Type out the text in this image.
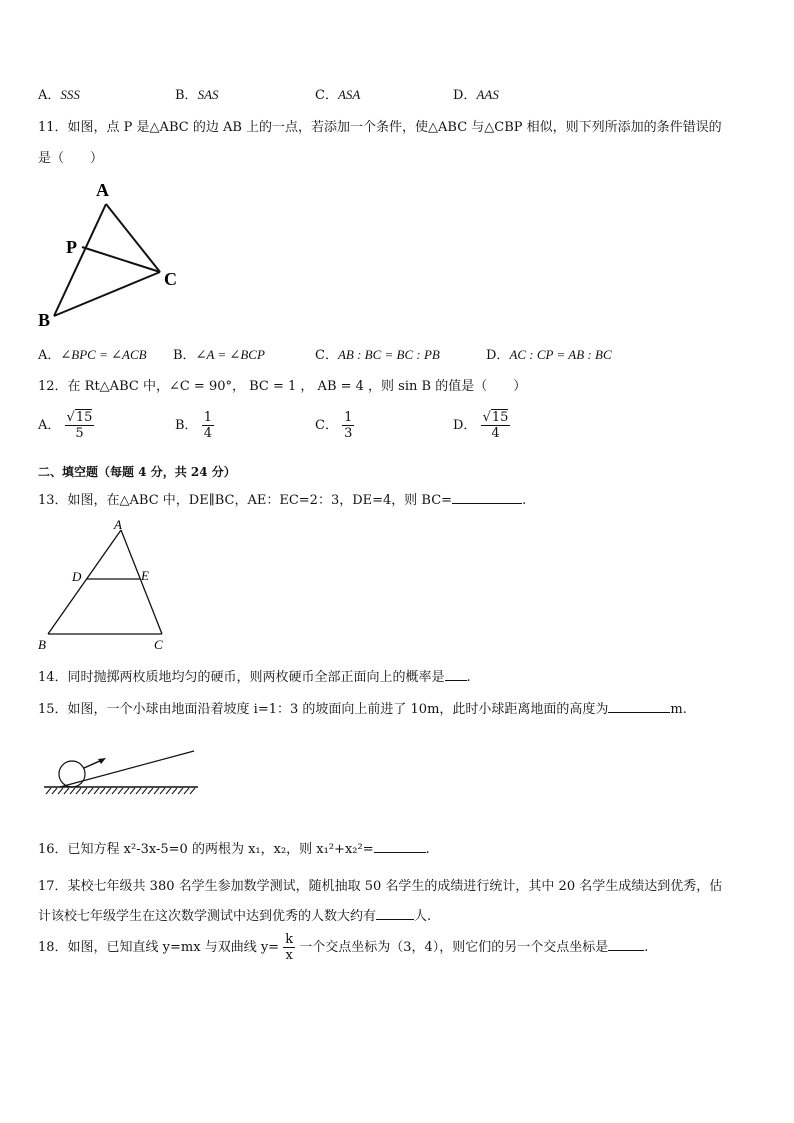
A．SSS	B．SAS	C．ASA	D．AAS
11．如图，点 P 是△ABC 的边 AB 上的一点，若添加一个条件，使△ABC 与△CBP 相似，则下列所添加的条件错误的
是（　　）
A
P
B
C
A．∠BPC = ∠ACB B．∠A = ∠BCP	C．AB : BC = BC : PB	D．AC : CP = AB : BC
12．在 Rt△ABC 中，∠C = 90°， BC = 1 ， AB = 4 ，则 sin B 的值是（　　）
A． $\frac{√15}{5}$	B． $\frac{1}{4}$	C． $\frac{1}{3}$	D． $\frac{√15}{4}$
二、填空题（每题 4 分，共 24 分）
13．如图，在△ABC 中，DE∥BC，AE：EC=2：3，DE=4，则 BC=	.
A
D	E
B	C
14．同时抛掷两枚质地均匀的硬币，则两枚硬币全部正面向上的概率是 .
15．如图，一个小球由地面沿着坡度 i=1：3 的坡面向上前进了 10m，此时小球距离地面的高度为	m.
16．已知方程 x²-3x-5=0 的两根为 x₁，x₂，则 x₁²+x₂²=	.
17．某校七年级共 380 名学生参加数学测试，随机抽取 50 名学生的成绩进行统计，其中 20 名学生成绩达到优秀，估
计该校七年级学生在这次数学测试中达到优秀的人数大约有	人.
18．如图，已知直线 y=mx 与双曲线 $y= \frac{k}{x}$ 一个交点坐标为（3，4），则它们的另一个交点坐标是	.
